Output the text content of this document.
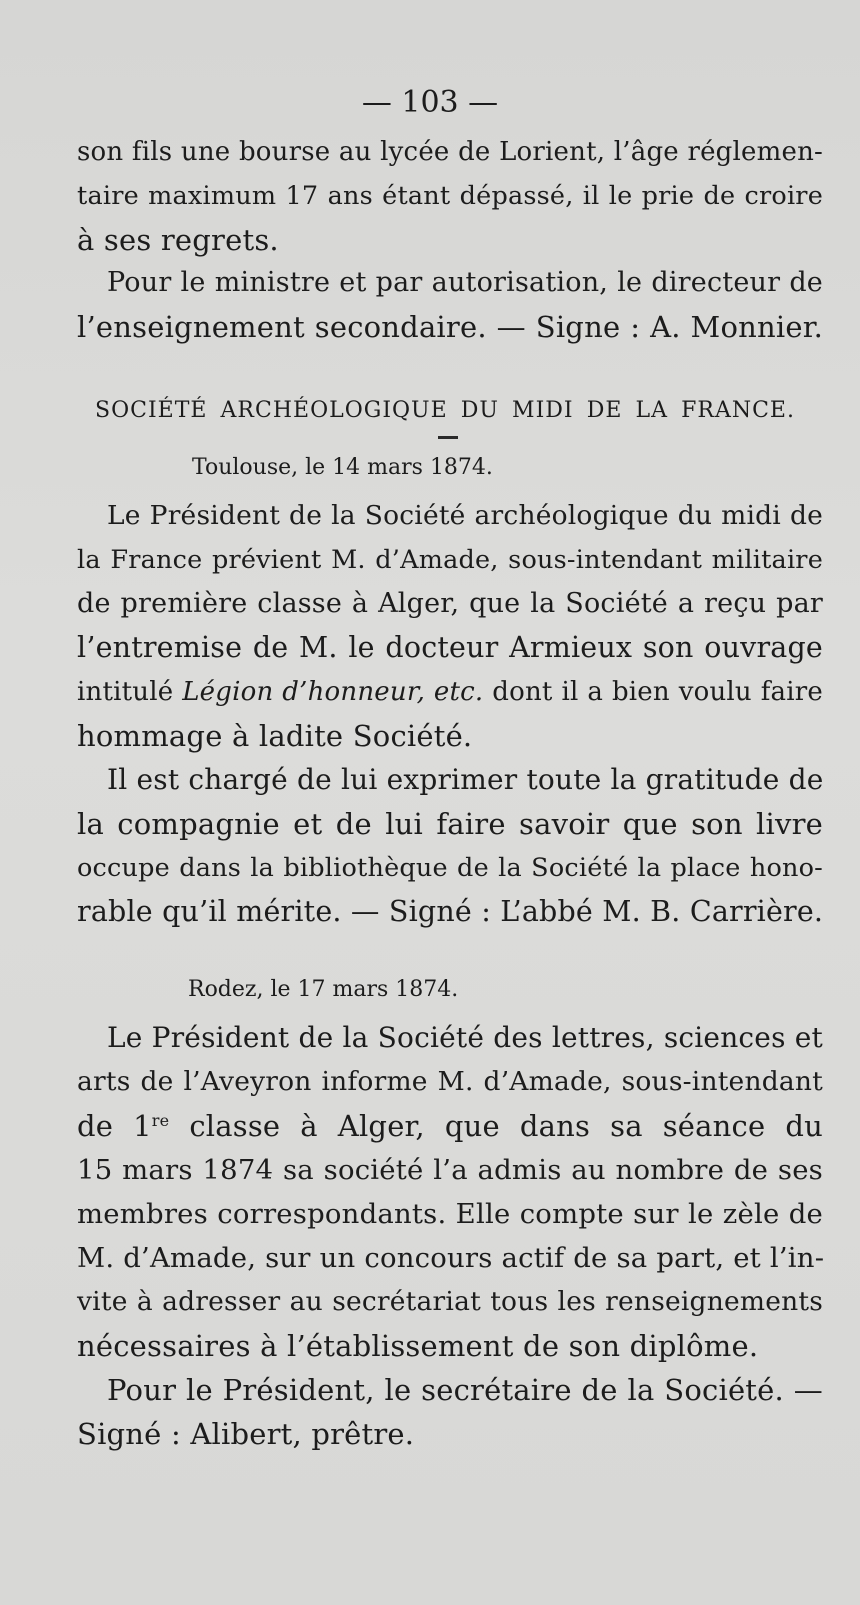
— 103 —
son fils une bourse au lycée de Lorient, l’âge réglemen-
taire maximum 17 ans étant dépassé, il le prie de croire
à ses regrets.
Pour le ministre et par autorisation, le directeur de
l’enseignement secondaire. — Signe : A. Monnier.
SOCIÉTÉ ARCHÉOLOGIQUE DU MIDI DE LA FRANCE.
Toulouse, le 14 mars 1874.
Le Président de la Société archéologique du midi de
la France prévient M. d’Amade, sous-intendant militaire
de première classe à Alger, que la Société a reçu par
l’entremise de M. le docteur Armieux son ouvrage
intitulé Légion d’honneur, etc. dont il a bien voulu faire
hommage à ladite Société.
Il est chargé de lui exprimer toute la gratitude de
la compagnie et de lui faire savoir que son livre
occupe dans la bibliothèque de la Société la place hono-
rable qu’il mérite. — Signé : L’abbé M. B. Carrière.
Rodez, le 17 mars 1874.
Le Président de la Société des lettres, sciences et
arts de l’Aveyron informe M. d’Amade, sous-intendant
de 1re classe à Alger, que dans sa séance du
15 mars 1874 sa société l’a admis au nombre de ses
membres correspondants. Elle compte sur le zèle de
M. d’Amade, sur un concours actif de sa part, et l’in-
vite à adresser au secrétariat tous les renseignements
nécessaires à l’établissement de son diplôme.
Pour le Président, le secrétaire de la Société. —
Signé : Alibert, prêtre.
